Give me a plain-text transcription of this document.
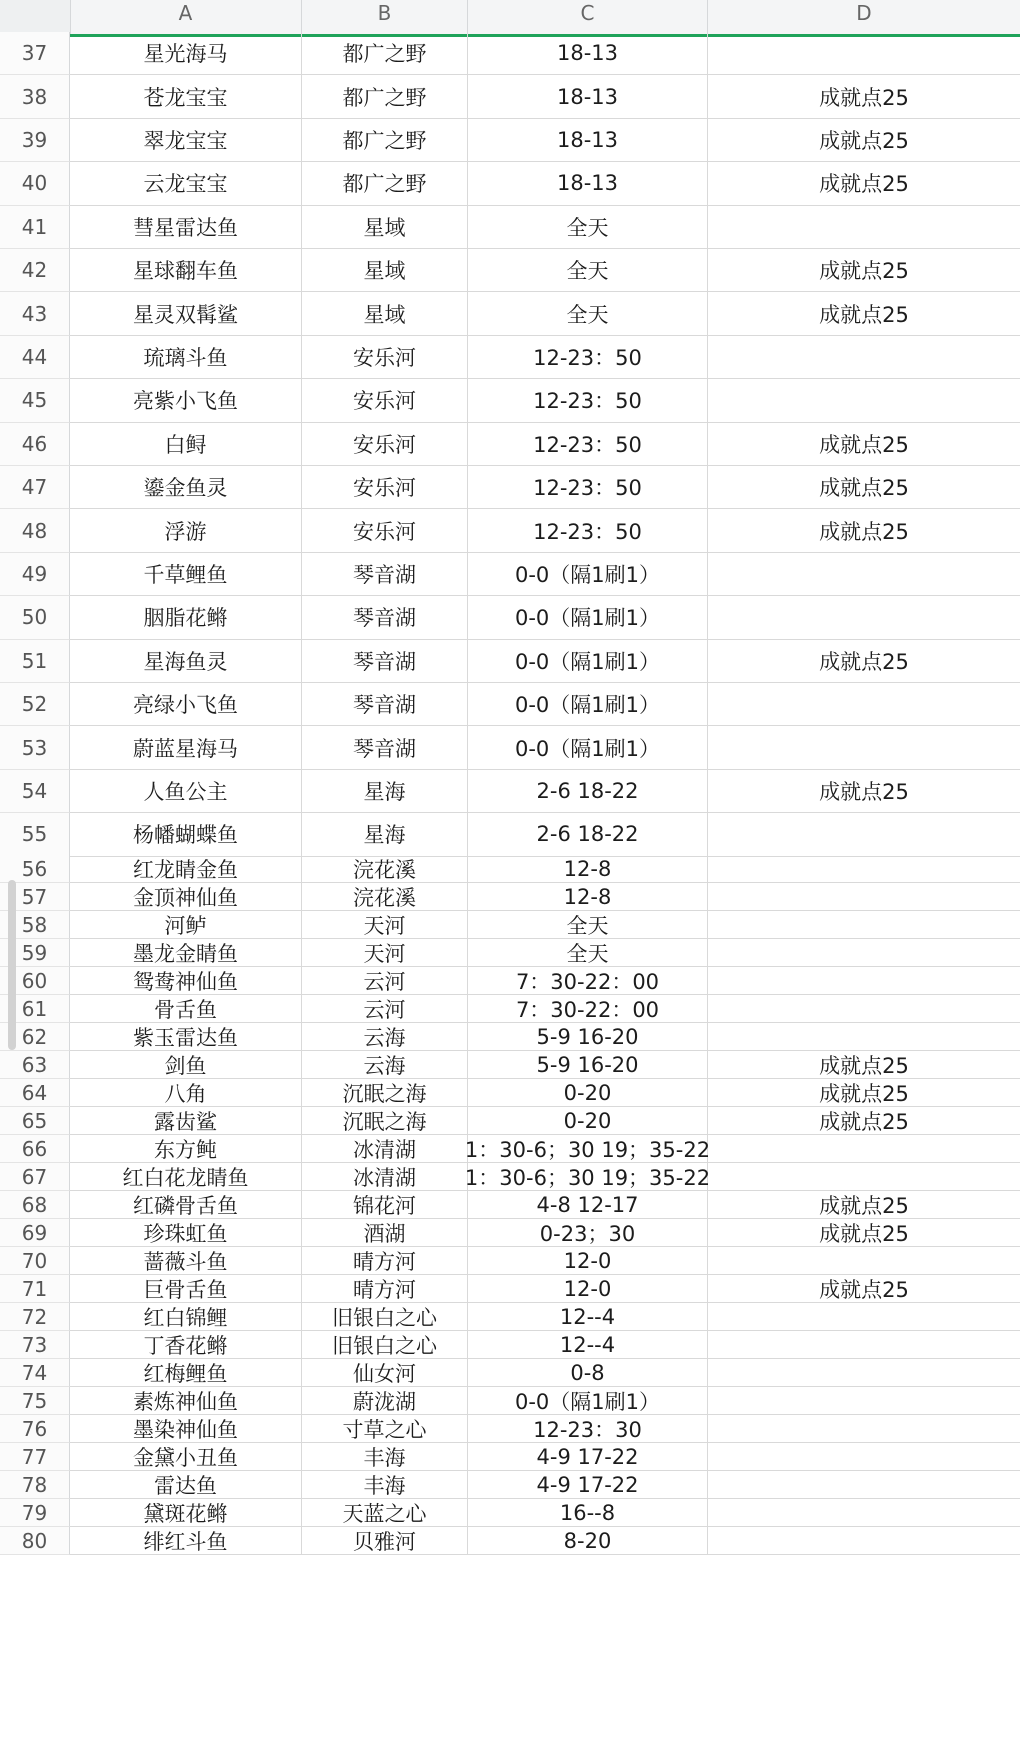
A	B	C	D
37	星光海马	都广之野	18-13
38	苍龙宝宝	都广之野	18-13	成就点25
39	翠龙宝宝	都广之野	18-13	成就点25
40	云龙宝宝	都广之野	18-13	成就点25
41	彗星雷达鱼	星域	全天
42	星球翻车鱼	星域	全天	成就点25
43	星灵双髯鲨	星域	全天	成就点25
44	琉璃斗鱼	安乐河	12-23：50
45	亮紫小飞鱼	安乐河	12-23：50
46	白鲟	安乐河	12-23：50	成就点25
47	鎏金鱼灵	安乐河	12-23：50	成就点25
48	浮游	安乐河	12-23：50	成就点25
49	千草鲤鱼	琴音湖	0-0（隔1刷1）
50	胭脂花鳉	琴音湖	0-0（隔1刷1）
51	星海鱼灵	琴音湖	0-0（隔1刷1）	成就点25
52	亮绿小飞鱼	琴音湖	0-0（隔1刷1）
53	蔚蓝星海马	琴音湖	0-0（隔1刷1）
54	人鱼公主	星海	2-6 18-22	成就点25
55	杨幡蝴蝶鱼	星海	2-6 18-22
56	红龙睛金鱼	浣花溪	12-8
57	金顶神仙鱼	浣花溪	12-8
58	河鲈	天河	全天
59	墨龙金睛鱼	天河	全天
60	鸳鸯神仙鱼	云河	7：30-22：00
61	骨舌鱼	云河	7：30-22：00
62	紫玉雷达鱼	云海	5-9 16-20
63	剑鱼	云海	5-9 16-20	成就点25
64	八角	沉眠之海	0-20	成就点25
65	露齿鲨	沉眠之海	0-20	成就点25
66	东方鲀	冰清湖	1：30-6；30 19；35-22
67	红白花龙睛鱼	冰清湖	1：30-6；30 19；35-22
68	红磷骨舌鱼	锦花河	4-8 12-17	成就点25
69	珍珠虹鱼	酒湖	0-23；30	成就点25
70	蔷薇斗鱼	晴方河	12-0
71	巨骨舌鱼	晴方河	12-0	成就点25
72	红白锦鲤	旧银白之心	12--4
73	丁香花鳉	旧银白之心	12--4
74	红梅鲤鱼	仙女河	0-8
75	素炼神仙鱼	蔚泷湖	0-0（隔1刷1）
76	墨染神仙鱼	寸草之心	12-23：30
77	金黛小丑鱼	丰海	4-9 17-22
78	雷达鱼	丰海	4-9 17-22
79	黛斑花鳉	天蓝之心	16--8
80	绯红斗鱼	贝雅河	8-20
